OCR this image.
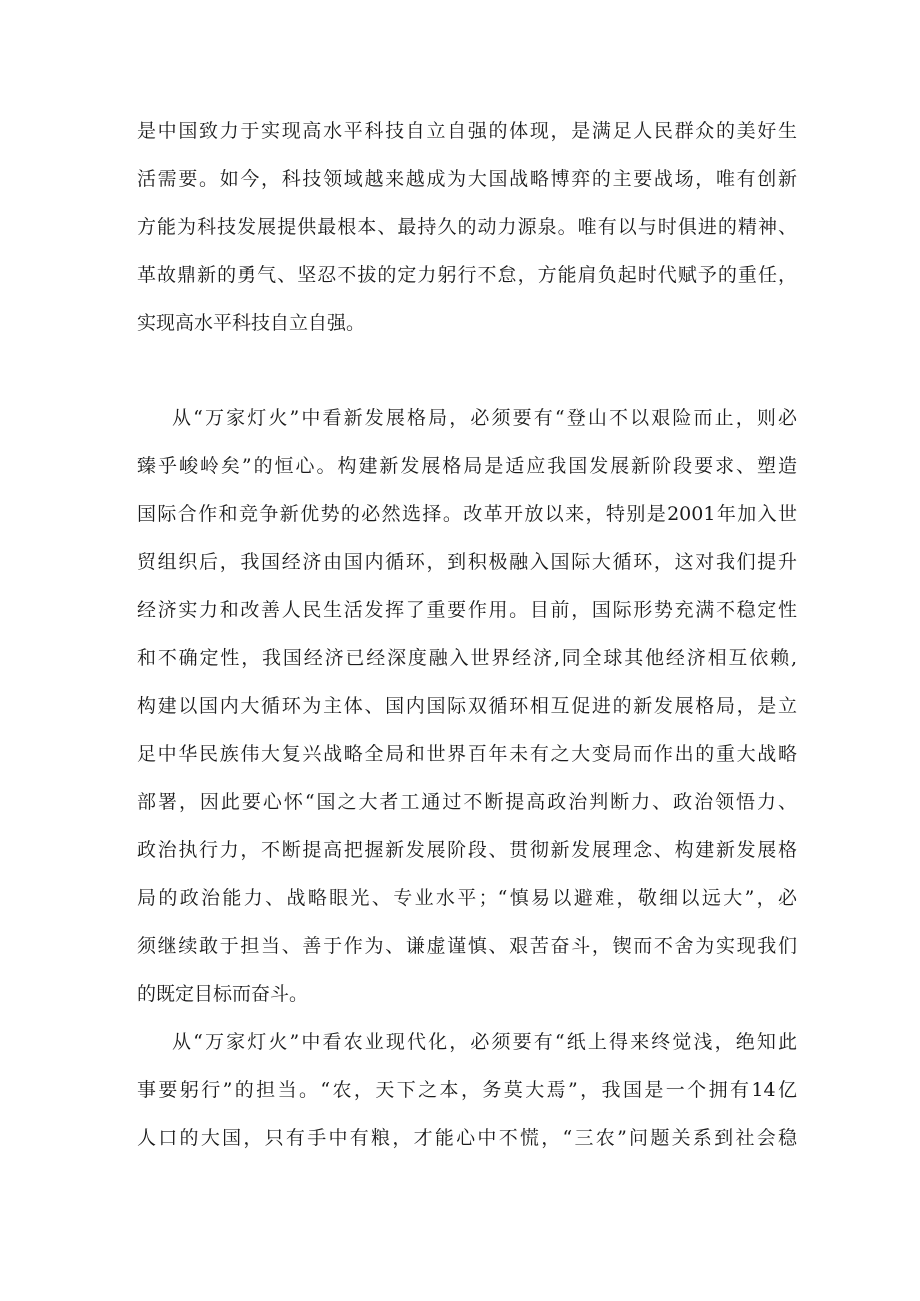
是中国致力于实现高水平科技自立自强的体现，是满足人民群众的美好生
活需要。如今，科技领域越来越成为大国战略博弈的主要战场，唯有创新
方能为科技发展提供最根本、最持久的动力源泉。唯有以与时俱进的精神、
革故鼎新的勇气、坚忍不拔的定力躬行不怠，方能肩负起时代赋予的重任，
实现高水平科技自立自强。
从“万家灯火”中看新发展格局，必须要有“登山不以艰险而止，则必
臻乎峻岭矣”的恒心。构建新发展格局是适应我国发展新阶段要求、塑造
国际合作和竞争新优势的必然选择。改革开放以来，特别是2001年加入世
贸组织后，我国经济由国内循环，到积极融入国际大循环，这对我们提升
经济实力和改善人民生活发挥了重要作用。目前，国际形势充满不稳定性
和不确定性，我国经济已经深度融入世界经济,同全球其他经济相互依赖,
构建以国内大循环为主体、国内国际双循环相互促进的新发展格局，是立
足中华民族伟大复兴战略全局和世界百年未有之大变局而作出的重大战略
部署，因此要心怀“国之大者工通过不断提高政治判断力、政治领悟力、
政治执行力，不断提高把握新发展阶段、贯彻新发展理念、构建新发展格
局的政治能力、战略眼光、专业水平；“慎易以避难，敬细以远大”，必
须继续敢于担当、善于作为、谦虚谨慎、艰苦奋斗，锲而不舍为实现我们
的既定目标而奋斗。
从“万家灯火”中看农业现代化，必须要有“纸上得来终觉浅，绝知此
事要躬行”的担当。“农，天下之本，务莫大焉”，我国是一个拥有14亿
人口的大国，只有手中有粮，才能心中不慌，“三农”问题关系到社会稳
